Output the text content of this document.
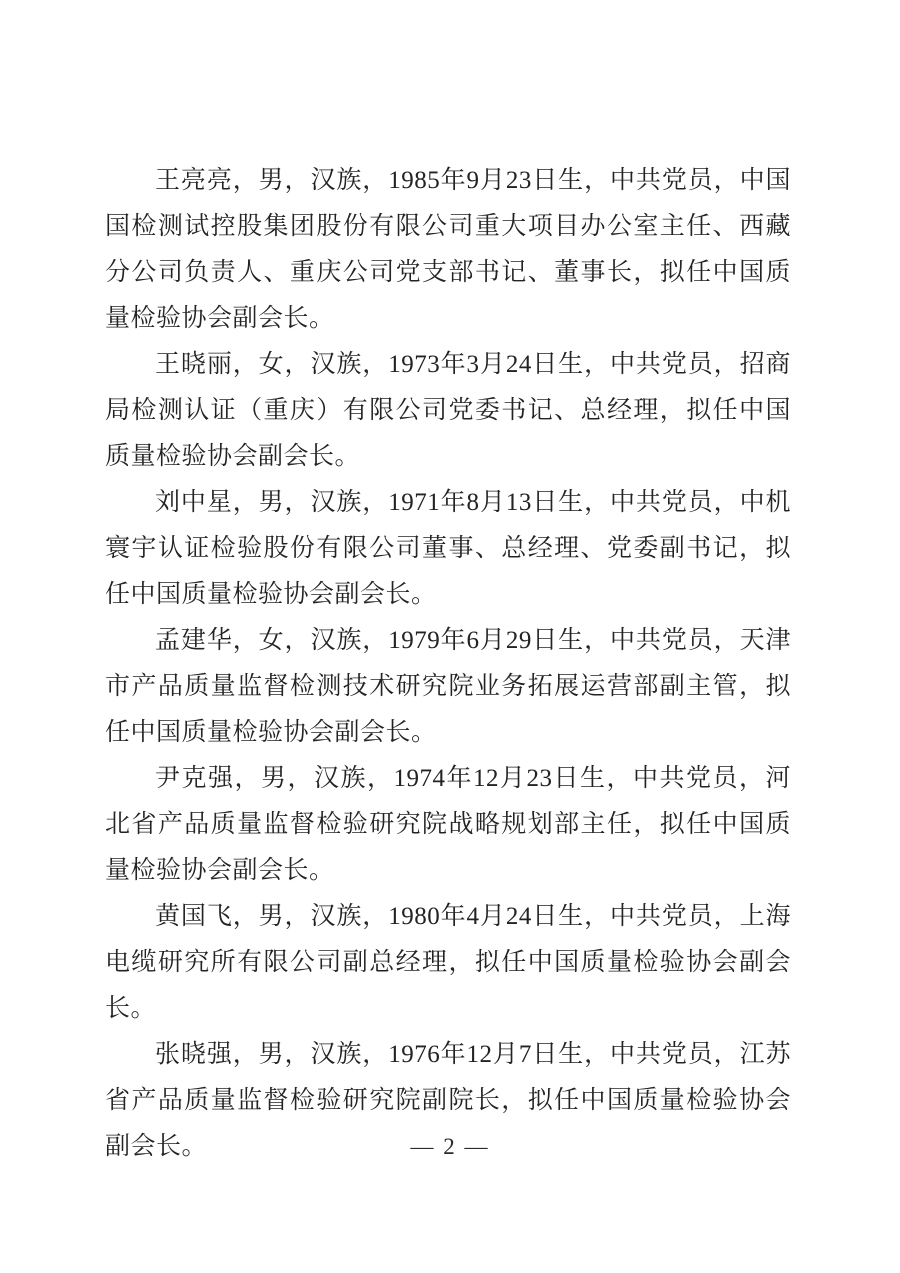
王亮亮，男，汉族，1985年9月23日生，中共党员，中国国检测试控股集团股份有限公司重大项目办公室主任、西藏分公司负责人、重庆公司党支部书记、董事长，拟任中国质量检验协会副会长。

王晓丽，女，汉族，1973年3月24日生，中共党员，招商局检测认证（重庆）有限公司党委书记、总经理，拟任中国质量检验协会副会长。

刘中星，男，汉族，1971年8月13日生，中共党员，中机寰宇认证检验股份有限公司董事、总经理、党委副书记，拟任中国质量检验协会副会长。

孟建华，女，汉族，1979年6月29日生，中共党员，天津市产品质量监督检测技术研究院业务拓展运营部副主管，拟任中国质量检验协会副会长。

尹克强，男，汉族，1974年12月23日生，中共党员，河北省产品质量监督检验研究院战略规划部主任，拟任中国质量检验协会副会长。

黄国飞，男，汉族，1980年4月24日生，中共党员，上海电缆研究所有限公司副总经理，拟任中国质量检验协会副会长。

张晓强，男，汉族，1976年12月7日生，中共党员，江苏省产品质量监督检验研究院副院长，拟任中国质量检验协会副会长。	— 2 —
